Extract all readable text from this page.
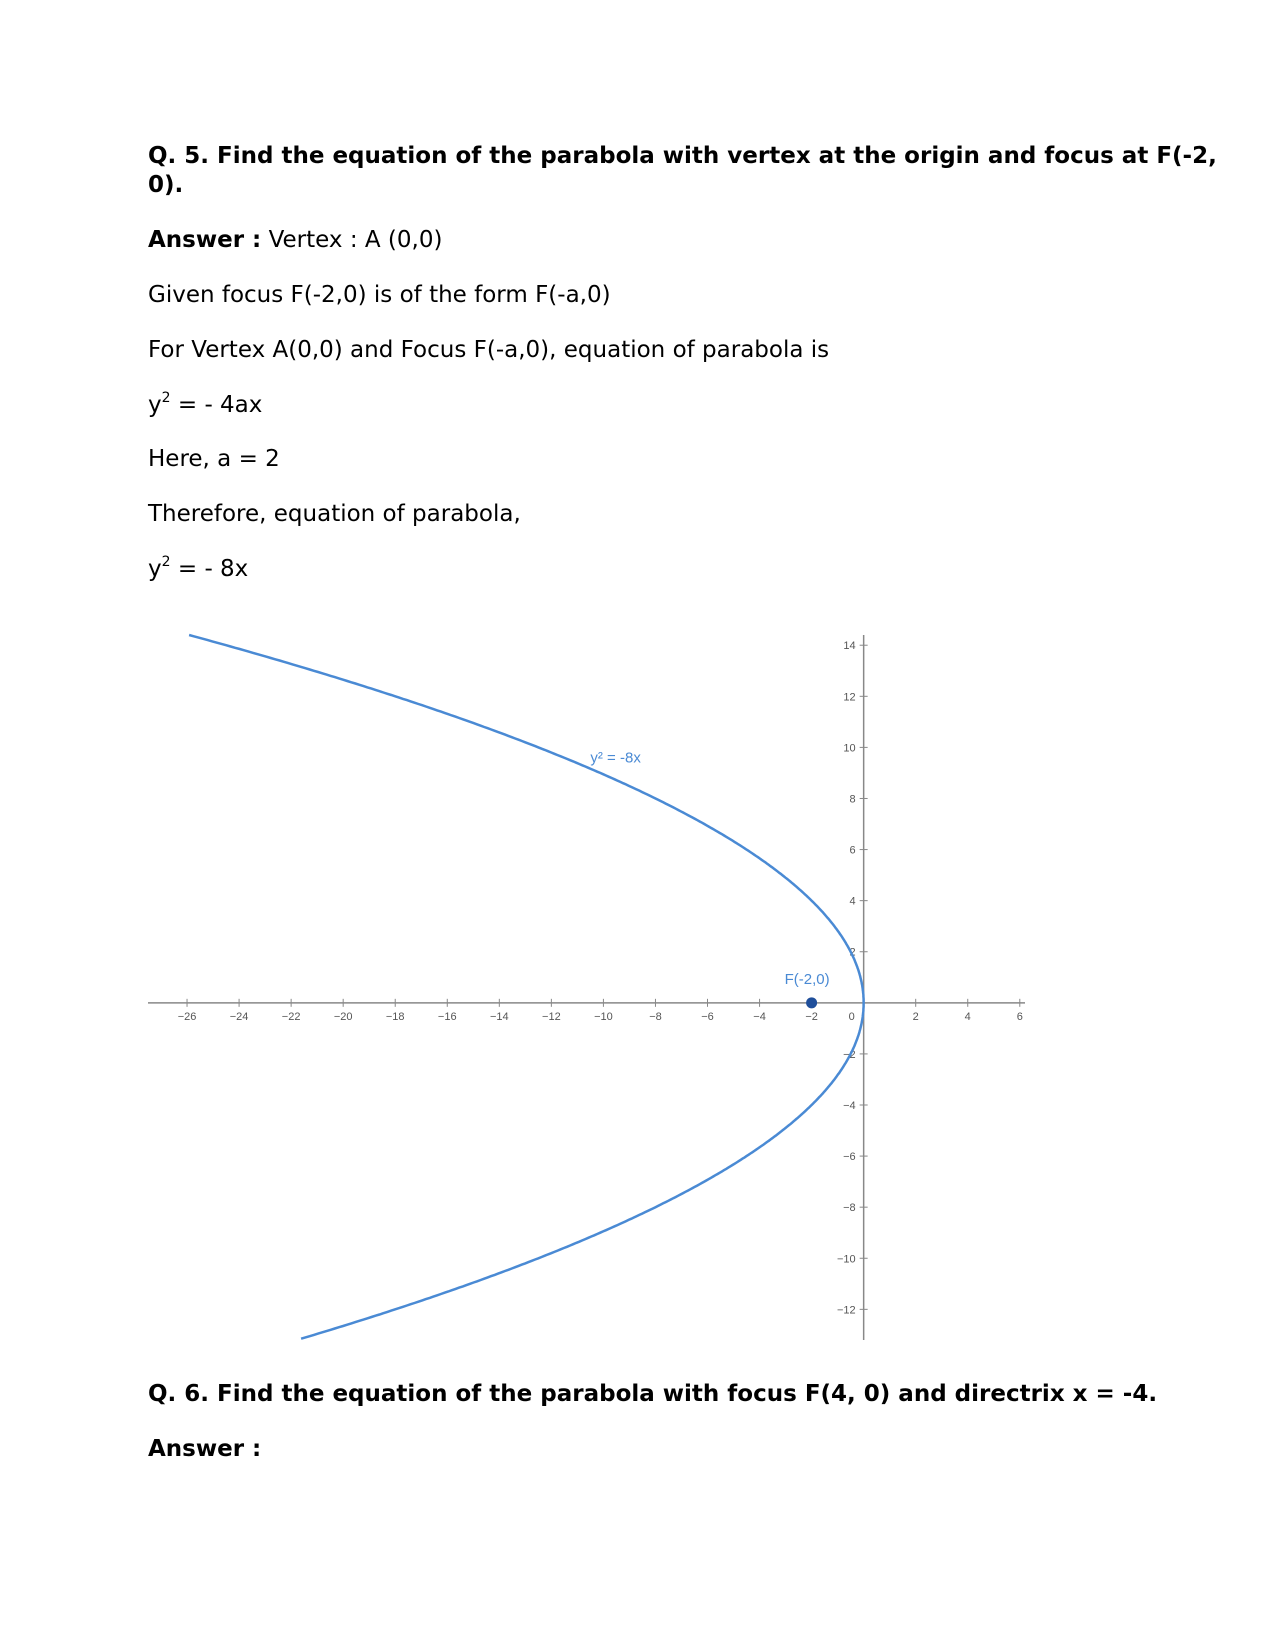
Q. 5. Find the equation of the parabola with vertex at the origin and focus at F(-2,
0).
Answer : Vertex : A (0,0)
Given focus F(-2,0) is of the form F(-a,0)
For Vertex A(0,0) and Focus F(-a,0), equation of parabola is
$y^2$ = - 4ax
Here, a = 2
Therefore, equation of parabola,
$y^2$ = - 8x
−26	−24	−22	−20	−18	−16	−14	−12	−10	−8	−6	−4	−2	0	2	4	6
14
12
10
8
6
4
2
−2
−4
−6
−8
−10
−12
y² = -8x
F(-2,0)
Q. 6. Find the equation of the parabola with focus F(4, 0) and directrix x = -4.
Answer :
